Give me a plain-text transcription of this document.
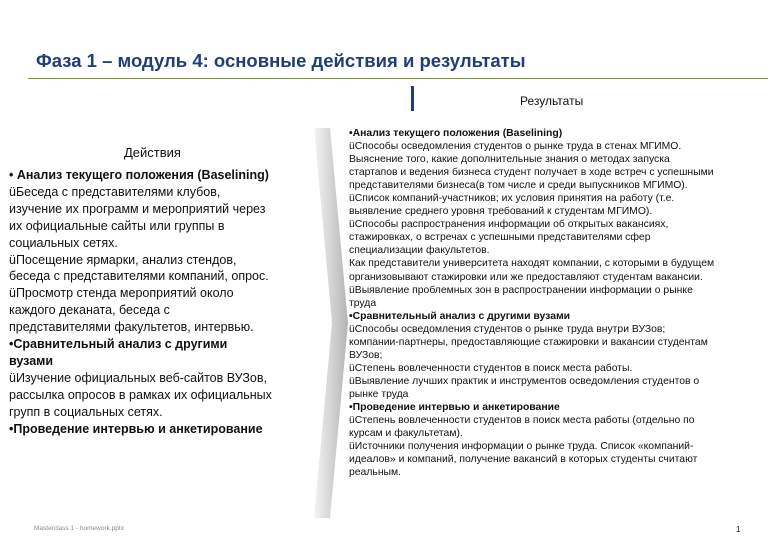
Фаза 1 – модуль 4: основные действия и результаты
Результаты
Действия
• Анализ текущего положения (Baselining)
üБеседа с представителями клубов,
изучение их программ и мероприятий через
их официальные сайты или группы в
социальных сетях.
üПосещение ярмарки, анализ стендов,
беседа с представителями компаний, опрос.
üПросмотр стенда мероприятий около
каждого деканата, беседа с
представителями факультетов, интервью.
•Сравнительный анализ с другими
вузами
üИзучение официальных веб-сайтов ВУЗов,
рассылка опросов в рамках их официальных
групп в социальных сетях.
•Проведение интервью и анкетирование
•Анализ текущего положения (Baselining)
üСпособы осведомления студентов о рынке труда в стенах МГИМО.
Выяснение того, какие дополнительные знания о методах запуска
стартапов и ведения бизнеса студент получает в ходе встреч с успешными
представителями бизнеса(в том числе и среди выпускников МГИМО).
üСписок компаний-участников; их условия принятия на работу (т.е.
выявление среднего уровня требований к студентам МГИМО).
üСпособы распространения информации об открытых вакансиях,
стажировках, о встречах с успешными представителями сфер
специализации факультетов.
Как представители университета находят компании, с которыми в будущем
организовывают стажировки или же предоставляют студентам вакансии.
üВыявление проблемных зон в распространении информации о рынке
труда
•Сравнительный анализ с другими вузами
üСпособы осведомления студентов о рынке труда внутри ВУЗов;
компании-партнеры, предоставляющие стажировки и вакансии студентам
ВУЗов;
üСтепень вовлеченности студентов в поиск места работы.
üВыявление лучших практик и инструментов осведомления студентов о
рынке труда
•Проведение интервью и анкетирование
üСтепень вовлеченности студентов в поиск места работы (отдельно по
курсам и факультетам).
üИсточники получения информации о рынке труда. Список «компаний-
идеалов» и компаний, получение вакансий в которых студенты считают
реальным.
Masterclass 1 - homework.pptx	1
